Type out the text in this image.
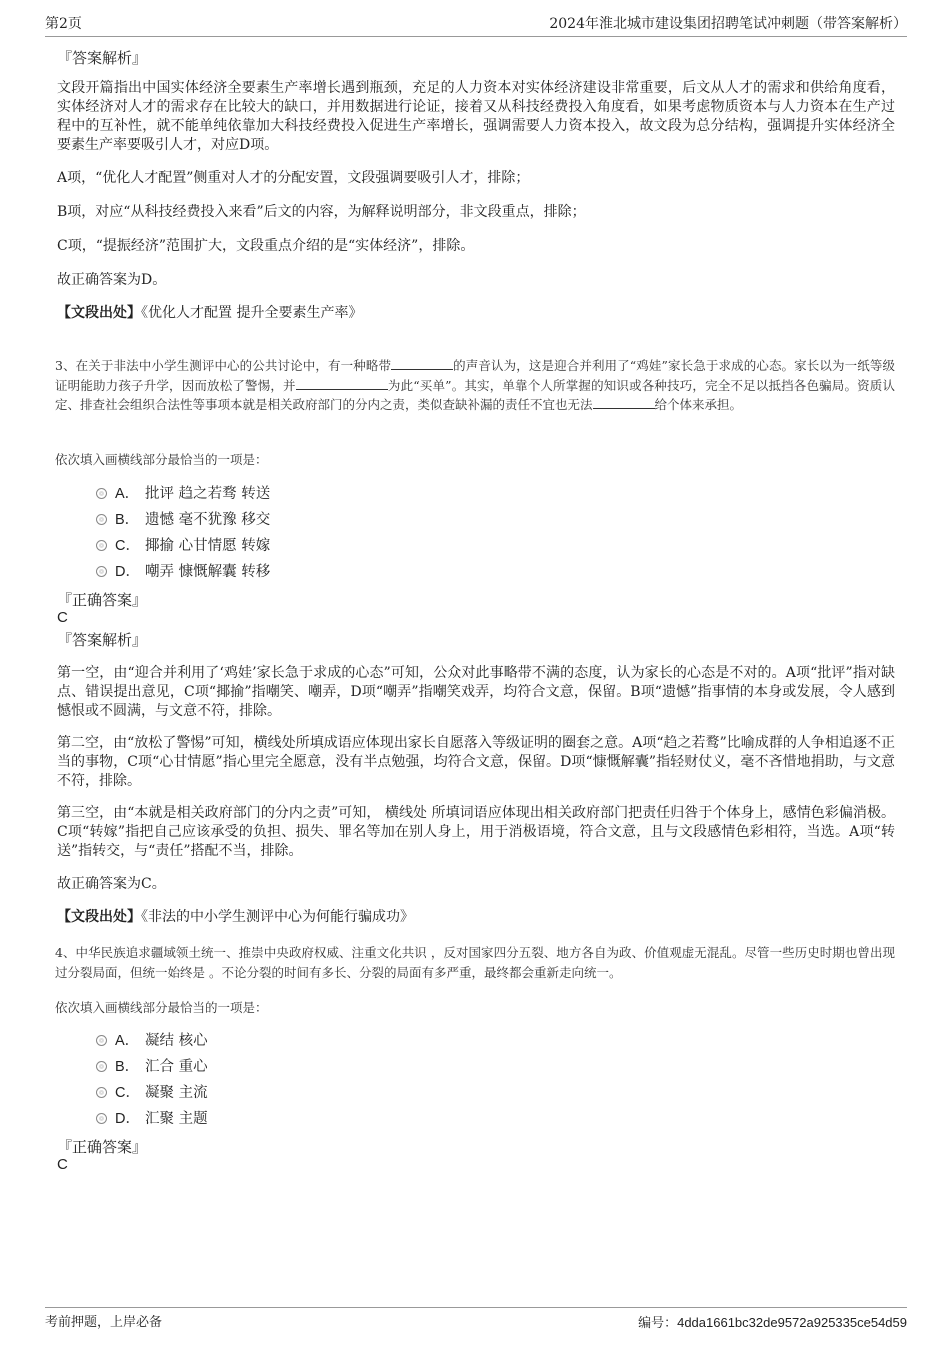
第2页	2024年淮北城市建设集团招聘笔试冲刺题（带答案解析）
『答案解析』
文段开篇指出中国实体经济全要素生产率增长遇到瓶颈，充足的人力资本对实体经济建设非常重要，后文从人才的需求和供给角度看，实体经济对人才的需求存在比较大的缺口，并用数据进行论证，接着又从科技经费投入角度看，如果考虑物质资本与人力资本在生产过程中的互补性，就不能单纯依靠加大科技经费投入促进生产率增长，强调需要人力资本投入，故文段为总分结构，强调提升实体经济全要素生产率要吸引人才，对应D项。
A项，“优化人才配置”侧重对人才的分配安置，文段强调要吸引人才，排除；
B项，对应“从科技经费投入来看”后文的内容，为解释说明部分，非文段重点，排除；
C项，“提振经济”范围扩大，文段重点介绍的是“实体经济”，排除。
故正确答案为D。
【文段出处】《优化人才配置 提升全要素生产率》
3、在关于非法中小学生测评中心的公共讨论中，有一种略带	的声音认为，这是迎合并利用了“鸡娃”家长急于求成的心态。家长以为一纸等级证明能助力孩子升学，因而放松了警惕，并	为此“买单”。其实，单靠个人所掌握的知识或各种技巧，完全不足以抵挡各色骗局。资质认定、排查社会组织合法性等事项本就是相关政府部门的分内之责，类似查缺补漏的责任不宜也无法	给个体来承担。
依次填入画横线部分最恰当的一项是：
A． 批评 趋之若骛 转送
B． 遗憾 毫不犹豫 移交
C． 揶揄 心甘情愿 转嫁
D． 嘲弄 慷慨解囊 转移
『正确答案』
C
『答案解析』
第一空，由“迎合并利用了‘鸡娃’家长急于求成的心态”可知，公众对此事略带不满的态度，认为家长的心态是不对的。A项“批评”指对缺点、错误提出意见，C项“揶揄”指嘲笑、嘲弄，D项“嘲弄”指嘲笑戏弄，均符合文意，保留。B项“遗憾”指事情的本身或发展，令人感到憾恨或不圆满，与文意不符，排除。
第二空，由“放松了警惕”可知，横线处所填成语应体现出家长自愿落入等级证明的圈套之意。A项“趋之若鹜”比喻成群的人争相追逐不正当的事物，C项“心甘情愿”指心里完全愿意，没有半点勉强，均符合文意，保留。D项“慷慨解囊”指轻财仗义，毫不吝惜地捐助，与文意不符，排除。
第三空，由“本就是相关政府部门的分内之责”可知， 横线处 所填词语应体现出相关政府部门把责任归咎于个体身上，感情色彩偏消极。C项“转嫁”指把自己应该承受的负担、损失、罪名等加在别人身上，用于消极语境，符合文意，且与文段感情色彩相符，当选。A项“转送”指转交，与“责任”搭配不当，排除。
故正确答案为C。
【文段出处】《非法的中小学生测评中心为何能行骗成功》
4、中华民族追求疆域领土统一、推崇中央政府权威、注重文化共识 ，反对国家四分五裂、地方各自为政、价值观虚无混乱。尽管一些历史时期也曾出现过分裂局面，但统一始终是 。不论分裂的时间有多长、分裂的局面有多严重，最终都会重新走向统一。
依次填入画横线部分最恰当的一项是：
A． 凝结 核心
B． 汇合 重心
C． 凝聚 主流
D． 汇聚 主题
『正确答案』
C
考前押题，上岸必备	编号：4dda1661bc32de9572a925335ce54d59
